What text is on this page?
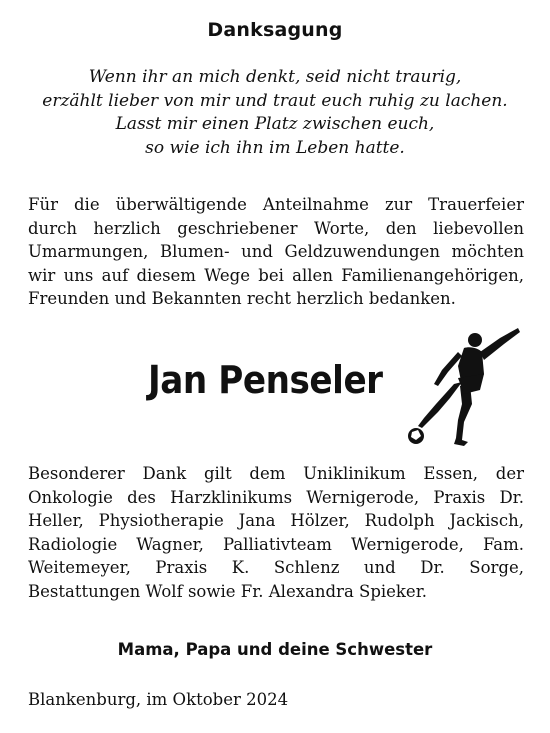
Danksagung
Wenn ihr an mich denkt, seid nicht traurig,
erzählt lieber von mir und traut euch ruhig zu lachen.
Lasst mir einen Platz zwischen euch,
so wie ich ihn im Leben hatte.
Für die überwältigende Anteilnahme zur Trauerfeier durch herzlich geschriebener Worte, den liebevollen Umarmungen, Blumen- und Geldzuwendungen möchten wir uns auf diesem Wege bei allen Familienangehörigen, Freunden und Bekannten recht herzlich bedanken.
Jan Penseler
Besonderer Dank gilt dem Uniklinikum Essen, der Onkologie des Harzklinikums Wernigerode, Praxis Dr. Heller, Physiotherapie Jana Hölzer, Rudolph Jackisch, Radiologie Wagner, Palliativteam Wernigerode, Fam. Weitemeyer, Praxis K. Schlenz und Dr. Sorge, Bestattungen Wolf sowie Fr. Alexandra Spieker.
Mama, Papa und deine Schwester
Blankenburg, im Oktober 2024
